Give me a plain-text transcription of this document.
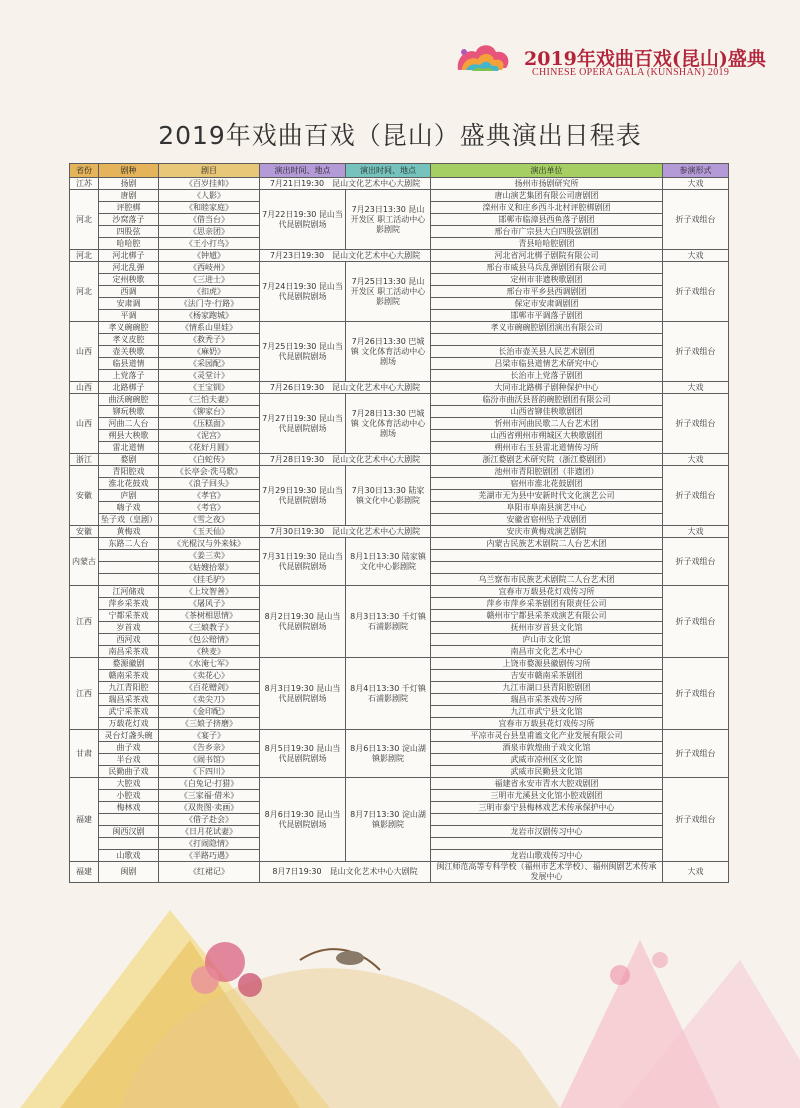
2019年戏曲百戏(昆山)盛典
CHINESE OPERA GALA (KUNSHAN) 2019
2019年戏曲百戏（昆山）盛典演出日程表
省份	剧种	剧目	演出时间、地点	演出时间、地点	演出单位	参演形式
江苏	扬剧	《百岁挂帅》	7月21日19:30　昆山文化艺术中心大剧院		扬州市扬剧研究所	大戏
河北	唐剧	《人影》	7月22日19:30 昆山当代昆剧院剧场	7月23日13:30 昆山开发区 职工活动中心影剧院	唐山演艺集团有限公司唐剧团	折子戏组台
	评腔梆	《和睦家庭》			滦州市义和庄乡西斗北村评腔梆剧团	
	沙窝落子	《借当台》			邯郸市临漳县西鱼落子剧团	
	四股弦	《思亲团》			邢台市广宗县大白四股弦剧团	
	哈哈腔	《王小打鸟》			青县哈哈腔剧团	
河北	河北梆子	《钟馗》	7月23日19:30　昆山文化艺术中心大剧院		河北省河北梆子剧院有限公司	大戏
河北	河北乱弹	《西岐州》	7月24日19:30 昆山当代昆剧院剧场	7月25日13:30 昆山开发区 职工活动中心影剧院	邢台市威县马兵乱弹剧团有限公司	折子戏组台
	定州秧歌	《三进士》			定州市非遗秧歌剧团	
	西调	《扣虎》			邢台市平乡县西调剧团	
	安肃调	《法门寺·行路》			保定市安肃调剧团	
	平调	《杨家跑城》			邯郸市平调落子剧团	
山西	孝义碗碗腔	《情系山里娃》	7月25日19:30 昆山当代昆剧院剧场	7月26日13:30 巴城镇 文化体育活动中心剧场	孝义市碗碗腔剧团演出有限公司	折子戏组台
	孝义皮腔	《救秃子》				
	壶关秧歌	《麻奶》			长治市壶关县人民艺术剧团	
	临县道情	《采园配》			吕梁市临县道情艺术研究中心	
	上党落子	《灵堂计》			长治市上党落子剧团	
山西	北路梆子	《王宝钏》	7月26日19:30　昆山文化艺术中心大剧院		大同市北路梆子剧种保护中心	大戏
山西	曲沃碗碗腔	《三怕夫妻》	7月27日19:30 昆山当代昆剧院剧场	7月28日13:30 巴城镇 文化体育活动中心剧场	临汾市曲沃县晋韵碗腔剧团有限公司	折子戏组台
	铆玩秧歌	《铆家台》			山西省铆佳秧歌剧团	
	河曲二人台	《压糕面》			忻州市河曲民歌二人台艺术团	
	朔县大秧歌	《泥宫》			山西省朔州市朔城区大秧歌剧团	
	雷北道情	《花好月圆》			朔州市右玉县雷北道情传习所	
浙江	婺剧	《白蛇传》	7月28日19:30　昆山文化艺术中心大剧院		浙江婺剧艺术研究院（浙江婺剧团）	大戏
安徽	青阳腔戏	《长亭会·洗马歌》	7月29日19:30 昆山当代昆剧院剧场	7月30日13:30 陆家镇文化中心影剧院	池州市青阳腔剧团（非遗团）	折子戏组台
	淮北花鼓戏	《浪子回头》			宿州市淮北花鼓剧团	
	庐剧	《孝官》			芜湖市无为县中安新时代文化演艺公司	
	嗨子戏	《考官》			阜阳市阜南县演艺中心	
	坠子戏（皇剧）	《雪之夜》			安徽省宿州坠子戏剧团	
安徽	黄梅戏	《玉天仙》	7月30日19:30　昆山文化艺术中心大剧院		安庆市黄梅戏演艺剧院	大戏
内蒙古	东路二人台	《光棍汉与外来妹》	7月31日19:30 昆山当代昆剧院剧场	8月1日13:30 陆家镇文化中心影剧院	内蒙古民族艺术剧院二人台艺术团	折子戏组台
		《姜三卖》				
		《姑嫂拾翠》				
		《挂毛驴》			乌兰察布市民族艺术剧院二人台艺术团	
江西	江河储戏	《上坟智善》	8月2日19:30 昆山当代昆剧院剧场	8月3日13:30 千灯镇石浦影剧院	宜春市万载县花灯戏传习所	折子戏组台
	萍乡采茶戏	《屠风子》			萍乡市萍乡采茶剧团有限责任公司	
	宁都采茶戏	《茶树相思情》			赣州市宁都县采茶戏演艺有限公司	
	岁首戏	《三娘教子》			抚州市岁首县文化馆	
	西河戏	《包公赔情》			庐山市文化馆	
	南昌采茶戏	《秧麦》			南昌市文化艺术中心	
江西	婺源徽剧	《水淹七军》	8月3日19:30 昆山当代昆剧院剧场	8月4日13:30 千灯镇石浦影剧院	上饶市婺源县徽剧传习所	折子戏组台
	赣南采茶戏	《卖花心》			吉安市赣南采茶剧团	
	九江青阳腔	《百花赠剑》			九江市湖口县青阳腔剧团	
	瑞昌采茶戏	《卖尖刀》			瑞昌市采茶戏传习所	
	武宁采茶戏	《金印配》			九江市武宁县文化馆	
	万载花灯戏	《三娘子挤磨》			宜春市万载县花灯戏传习所	
甘肃	灵台灯盏头碗	《宴子》	8月5日19:30 昆山当代昆剧院剧场	8月6日13:30 淀山湖镇影剧院	平凉市灵台县皇甫谧文化产业发展有限公司	折子戏组台
	曲子戏	《告乡亲》			酒泉市敦煌曲子戏文化馆	
	半台戏	《闹书馆》			武威市凉州区文化馆	
	民勤曲子戏	《下四川》			武威市民勤县文化馆	
福建	大腔戏	《白兔记·打猎》	8月6日19:30 昆山当代昆剧院剧场	8月7日13:30 淀山湖镇影剧院	福建省永安市青水大腔戏剧团	折子戏组台
	小腔戏	《三家福·借米》			三明市尤溪县文化馆小腔戏剧团	
	梅林戏	《双贵图·卖画》			三明市泰宁县梅林戏艺术传承保护中心	
		《借子赴会》				
	闽西汉剧	《日月花试妻》			龙岩市汉剧传习中心	
		《打闹隐情》				
	山歌戏	《半路巧遇》			龙岩山歌戏传习中心	
福建	闽剧	《红裙记》	8月7日19:30　昆山文化艺术中心大剧院		闽江师范高等专科学校（福州市艺术学校）、福州闽剧艺术传承发展中心	大戏
